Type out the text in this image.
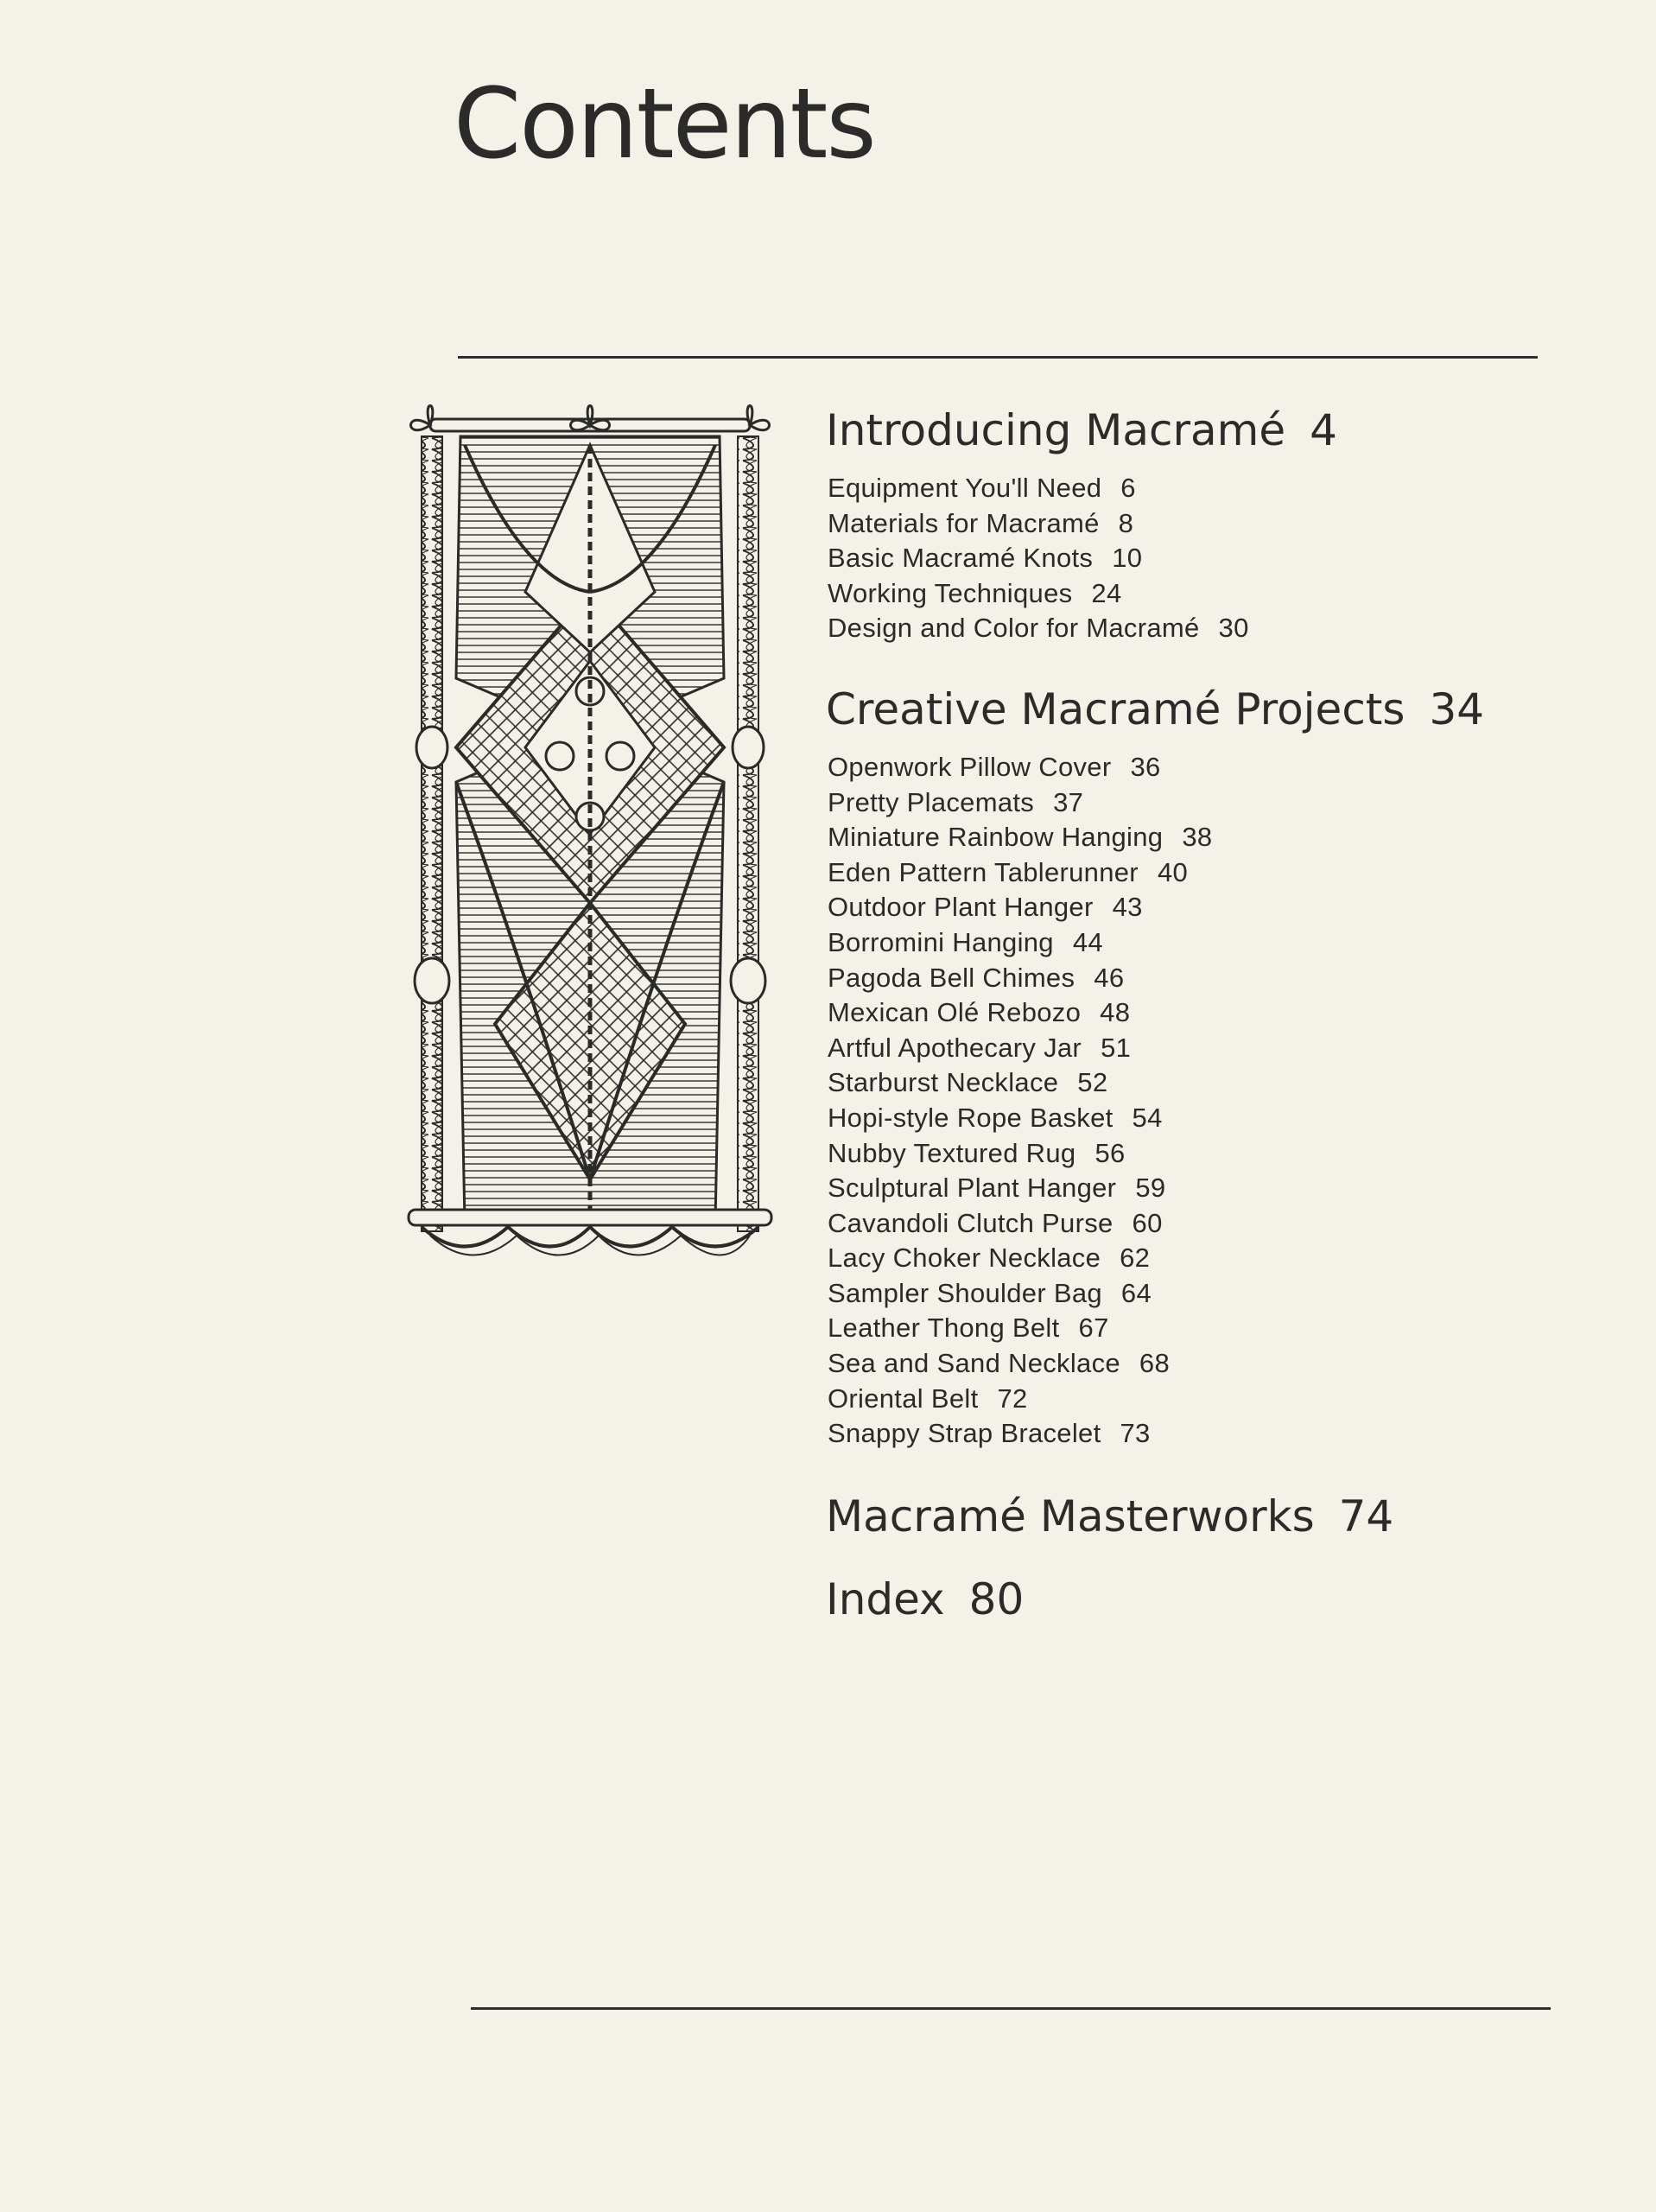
Contents
Introducing Macramé 4
Equipment You'll Need 6
Materials for Macramé 8
Basic Macramé Knots 10
Working Techniques 24
Design and Color for Macramé 30
Creative Macramé Projects 34
Openwork Pillow Cover 36
Pretty Placemats 37
Miniature Rainbow Hanging 38
Eden Pattern Tablerunner 40
Outdoor Plant Hanger 43
Borromini Hanging 44
Pagoda Bell Chimes 46
Mexican Olé Rebozo 48
Artful Apothecary Jar 51
Starburst Necklace 52
Hopi-style Rope Basket 54
Nubby Textured Rug 56
Sculptural Plant Hanger 59
Cavandoli Clutch Purse 60
Lacy Choker Necklace 62
Sampler Shoulder Bag 64
Leather Thong Belt 67
Sea and Sand Necklace 68
Oriental Belt 72
Snappy Strap Bracelet 73
Macramé Masterworks 74
Index 80
